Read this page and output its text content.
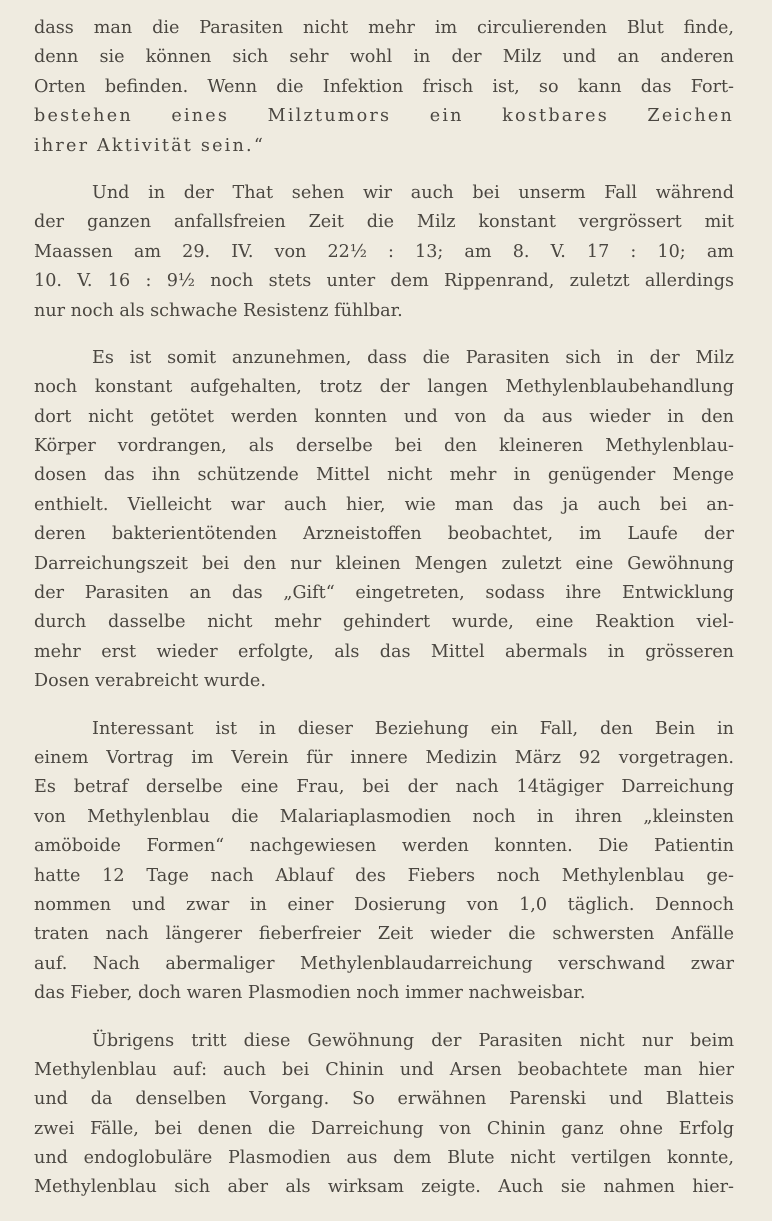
dass man die Parasiten nicht mehr im circulierenden Blut finde,
denn sie können sich sehr wohl in der Milz und an anderen
Orten befinden. Wenn die Infektion frisch ist, so kann das Fort-
bestehen eines Milztumors ein kostbares Zeichen
ihrer Aktivität sein.“
Und in der That sehen wir auch bei unserm Fall während
der ganzen anfallsfreien Zeit die Milz konstant vergrössert mit
Maassen am 29. IV. von 22½ : 13; am 8. V. 17 : 10; am
10. V. 16 : 9½ noch stets unter dem Rippenrand, zuletzt allerdings
nur noch als schwache Resistenz fühlbar.
Es ist somit anzunehmen, dass die Parasiten sich in der Milz
noch konstant aufgehalten, trotz der langen Methylenblaubehandlung
dort nicht getötet werden konnten und von da aus wieder in den
Körper vordrangen, als derselbe bei den kleineren Methylenblau-
dosen das ihn schützende Mittel nicht mehr in genügender Menge
enthielt. Vielleicht war auch hier, wie man das ja auch bei an-
deren bakterientötenden Arzneistoffen beobachtet, im Laufe der
Darreichungszeit bei den nur kleinen Mengen zuletzt eine Gewöhnung
der Parasiten an das „Gift“ eingetreten, sodass ihre Entwicklung
durch dasselbe nicht mehr gehindert wurde, eine Reaktion viel-
mehr erst wieder erfolgte, als das Mittel abermals in grösseren
Dosen verabreicht wurde.
Interessant ist in dieser Beziehung ein Fall, den Bein in
einem Vortrag im Verein für innere Medizin März 92 vorgetragen.
Es betraf derselbe eine Frau, bei der nach 14tägiger Darreichung
von Methylenblau die Malariaplasmodien noch in ihren „kleinsten
amöboide Formen“ nachgewiesen werden konnten. Die Patientin
hatte 12 Tage nach Ablauf des Fiebers noch Methylenblau ge-
nommen und zwar in einer Dosierung von 1,0 täglich. Dennoch
traten nach längerer fieberfreier Zeit wieder die schwersten Anfälle
auf. Nach abermaliger Methylenblaudarreichung verschwand zwar
das Fieber, doch waren Plasmodien noch immer nachweisbar.
Übrigens tritt diese Gewöhnung der Parasiten nicht nur beim
Methylenblau auf: auch bei Chinin und Arsen beobachtete man hier
und da denselben Vorgang. So erwähnen Parenski und Blatteis
zwei Fälle, bei denen die Darreichung von Chinin ganz ohne Erfolg
und endoglobuläre Plasmodien aus dem Blute nicht vertilgen konnte,
Methylenblau sich aber als wirksam zeigte. Auch sie nahmen hier-
